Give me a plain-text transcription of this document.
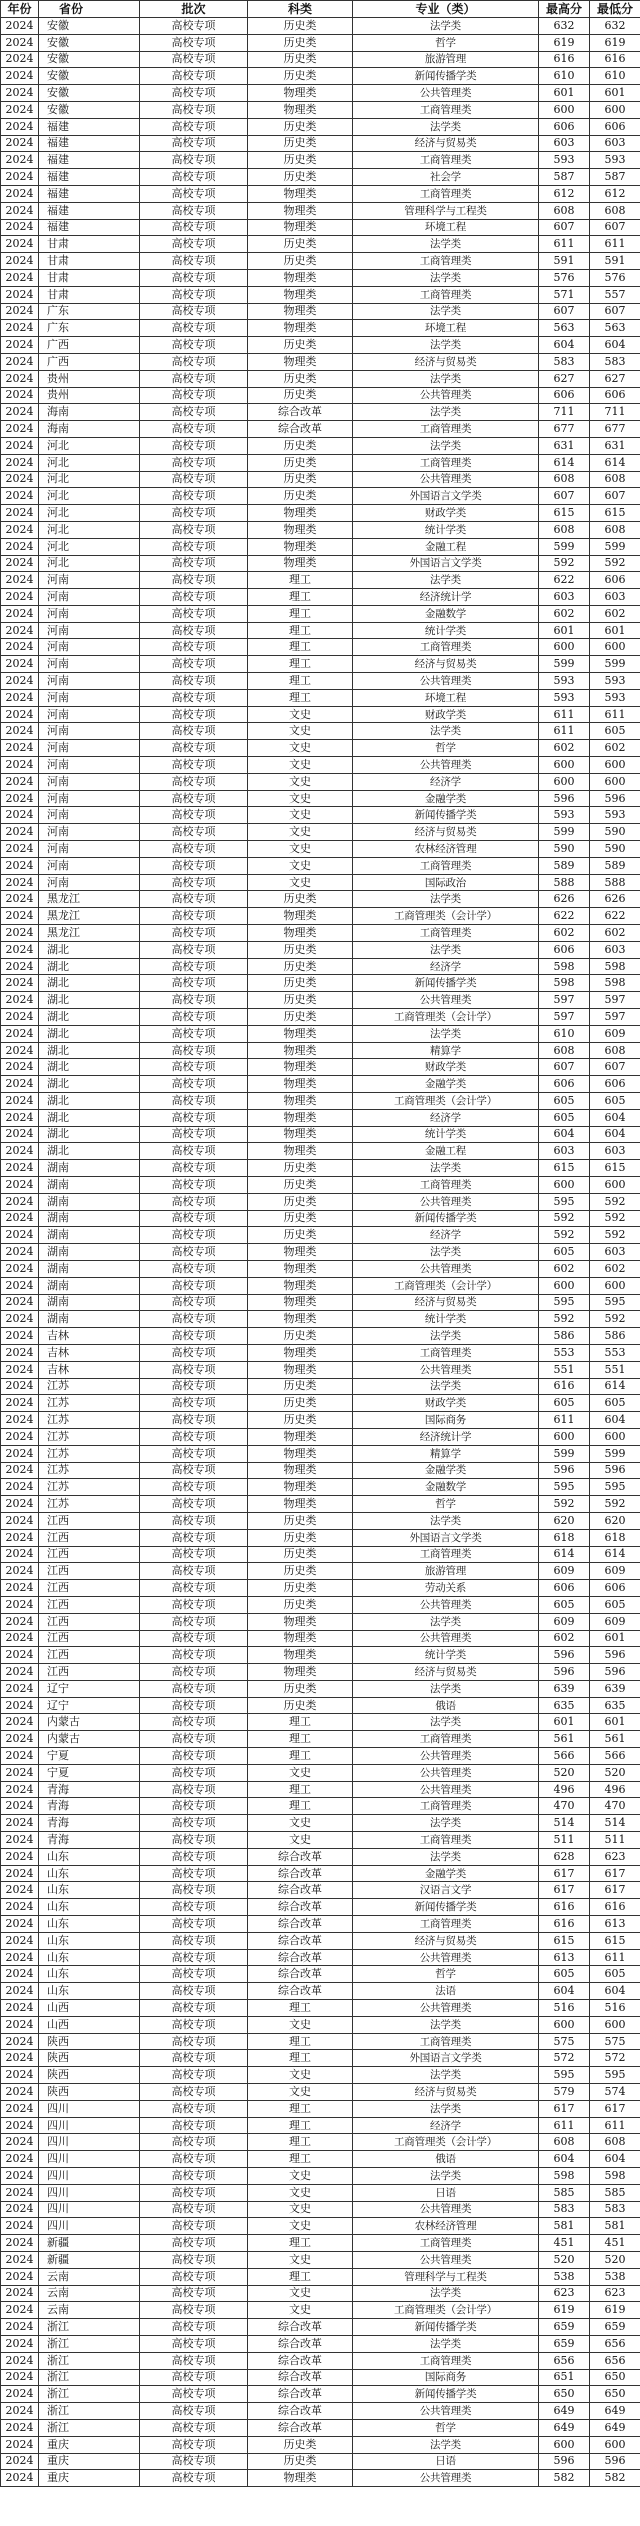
年份	省份	批次	科类	专业（类）	最高分	最低分
2024	安徽	高校专项	历史类	法学类	632	632
2024	安徽	高校专项	历史类	哲学	619	619
2024	安徽	高校专项	历史类	旅游管理	616	616
2024	安徽	高校专项	历史类	新闻传播学类	610	610
2024	安徽	高校专项	物理类	公共管理类	601	601
2024	安徽	高校专项	物理类	工商管理类	600	600
2024	福建	高校专项	历史类	法学类	606	606
2024	福建	高校专项	历史类	经济与贸易类	603	603
2024	福建	高校专项	历史类	工商管理类	593	593
2024	福建	高校专项	历史类	社会学	587	587
2024	福建	高校专项	物理类	工商管理类	612	612
2024	福建	高校专项	物理类	管理科学与工程类	608	608
2024	福建	高校专项	物理类	环境工程	607	607
2024	甘肃	高校专项	历史类	法学类	611	611
2024	甘肃	高校专项	历史类	工商管理类	591	591
2024	甘肃	高校专项	物理类	法学类	576	576
2024	甘肃	高校专项	物理类	工商管理类	571	557
2024	广东	高校专项	物理类	法学类	607	607
2024	广东	高校专项	物理类	环境工程	563	563
2024	广西	高校专项	历史类	法学类	604	604
2024	广西	高校专项	物理类	经济与贸易类	583	583
2024	贵州	高校专项	历史类	法学类	627	627
2024	贵州	高校专项	历史类	公共管理类	606	606
2024	海南	高校专项	综合改革	法学类	711	711
2024	海南	高校专项	综合改革	工商管理类	677	677
2024	河北	高校专项	历史类	法学类	631	631
2024	河北	高校专项	历史类	工商管理类	614	614
2024	河北	高校专项	历史类	公共管理类	608	608
2024	河北	高校专项	历史类	外国语言文学类	607	607
2024	河北	高校专项	物理类	财政学类	615	615
2024	河北	高校专项	物理类	统计学类	608	608
2024	河北	高校专项	物理类	金融工程	599	599
2024	河北	高校专项	物理类	外国语言文学类	592	592
2024	河南	高校专项	理工	法学类	622	606
2024	河南	高校专项	理工	经济统计学	603	603
2024	河南	高校专项	理工	金融数学	602	602
2024	河南	高校专项	理工	统计学类	601	601
2024	河南	高校专项	理工	工商管理类	600	600
2024	河南	高校专项	理工	经济与贸易类	599	599
2024	河南	高校专项	理工	公共管理类	593	593
2024	河南	高校专项	理工	环境工程	593	593
2024	河南	高校专项	文史	财政学类	611	611
2024	河南	高校专项	文史	法学类	611	605
2024	河南	高校专项	文史	哲学	602	602
2024	河南	高校专项	文史	公共管理类	600	600
2024	河南	高校专项	文史	经济学	600	600
2024	河南	高校专项	文史	金融学类	596	596
2024	河南	高校专项	文史	新闻传播学类	593	593
2024	河南	高校专项	文史	经济与贸易类	599	590
2024	河南	高校专项	文史	农林经济管理	590	590
2024	河南	高校专项	文史	工商管理类	589	589
2024	河南	高校专项	文史	国际政治	588	588
2024	黑龙江	高校专项	历史类	法学类	626	626
2024	黑龙江	高校专项	物理类	工商管理类（会计学）	622	622
2024	黑龙江	高校专项	物理类	工商管理类	602	602
2024	湖北	高校专项	历史类	法学类	606	603
2024	湖北	高校专项	历史类	经济学	598	598
2024	湖北	高校专项	历史类	新闻传播学类	598	598
2024	湖北	高校专项	历史类	公共管理类	597	597
2024	湖北	高校专项	历史类	工商管理类（会计学）	597	597
2024	湖北	高校专项	物理类	法学类	610	609
2024	湖北	高校专项	物理类	精算学	608	608
2024	湖北	高校专项	物理类	财政学类	607	607
2024	湖北	高校专项	物理类	金融学类	606	606
2024	湖北	高校专项	物理类	工商管理类（会计学）	605	605
2024	湖北	高校专项	物理类	经济学	605	604
2024	湖北	高校专项	物理类	统计学类	604	604
2024	湖北	高校专项	物理类	金融工程	603	603
2024	湖南	高校专项	历史类	法学类	615	615
2024	湖南	高校专项	历史类	工商管理类	600	600
2024	湖南	高校专项	历史类	公共管理类	595	592
2024	湖南	高校专项	历史类	新闻传播学类	592	592
2024	湖南	高校专项	历史类	经济学	592	592
2024	湖南	高校专项	物理类	法学类	605	603
2024	湖南	高校专项	物理类	公共管理类	602	602
2024	湖南	高校专项	物理类	工商管理类（会计学）	600	600
2024	湖南	高校专项	物理类	经济与贸易类	595	595
2024	湖南	高校专项	物理类	统计学类	592	592
2024	吉林	高校专项	历史类	法学类	586	586
2024	吉林	高校专项	物理类	工商管理类	553	553
2024	吉林	高校专项	物理类	公共管理类	551	551
2024	江苏	高校专项	历史类	法学类	616	614
2024	江苏	高校专项	历史类	财政学类	605	605
2024	江苏	高校专项	历史类	国际商务	611	604
2024	江苏	高校专项	物理类	经济统计学	600	600
2024	江苏	高校专项	物理类	精算学	599	599
2024	江苏	高校专项	物理类	金融学类	596	596
2024	江苏	高校专项	物理类	金融数学	595	595
2024	江苏	高校专项	物理类	哲学	592	592
2024	江西	高校专项	历史类	法学类	620	620
2024	江西	高校专项	历史类	外国语言文学类	618	618
2024	江西	高校专项	历史类	工商管理类	614	614
2024	江西	高校专项	历史类	旅游管理	609	609
2024	江西	高校专项	历史类	劳动关系	606	606
2024	江西	高校专项	历史类	公共管理类	605	605
2024	江西	高校专项	物理类	法学类	609	609
2024	江西	高校专项	物理类	公共管理类	602	601
2024	江西	高校专项	物理类	统计学类	596	596
2024	江西	高校专项	物理类	经济与贸易类	596	596
2024	辽宁	高校专项	历史类	法学类	639	639
2024	辽宁	高校专项	历史类	俄语	635	635
2024	内蒙古	高校专项	理工	法学类	601	601
2024	内蒙古	高校专项	理工	工商管理类	561	561
2024	宁夏	高校专项	理工	公共管理类	566	566
2024	宁夏	高校专项	文史	公共管理类	520	520
2024	青海	高校专项	理工	公共管理类	496	496
2024	青海	高校专项	理工	工商管理类	470	470
2024	青海	高校专项	文史	法学类	514	514
2024	青海	高校专项	文史	工商管理类	511	511
2024	山东	高校专项	综合改革	法学类	628	623
2024	山东	高校专项	综合改革	金融学类	617	617
2024	山东	高校专项	综合改革	汉语言文学	617	617
2024	山东	高校专项	综合改革	新闻传播学类	616	616
2024	山东	高校专项	综合改革	工商管理类	616	613
2024	山东	高校专项	综合改革	经济与贸易类	615	615
2024	山东	高校专项	综合改革	公共管理类	613	611
2024	山东	高校专项	综合改革	哲学	605	605
2024	山东	高校专项	综合改革	法语	604	604
2024	山西	高校专项	理工	公共管理类	516	516
2024	山西	高校专项	文史	法学类	600	600
2024	陕西	高校专项	理工	工商管理类	575	575
2024	陕西	高校专项	理工	外国语言文学类	572	572
2024	陕西	高校专项	文史	法学类	595	595
2024	陕西	高校专项	文史	经济与贸易类	579	574
2024	四川	高校专项	理工	法学类	617	617
2024	四川	高校专项	理工	经济学	611	611
2024	四川	高校专项	理工	工商管理类（会计学）	608	608
2024	四川	高校专项	理工	俄语	604	604
2024	四川	高校专项	文史	法学类	598	598
2024	四川	高校专项	文史	日语	585	585
2024	四川	高校专项	文史	公共管理类	583	583
2024	四川	高校专项	文史	农林经济管理	581	581
2024	新疆	高校专项	理工	工商管理类	451	451
2024	新疆	高校专项	文史	公共管理类	520	520
2024	云南	高校专项	理工	管理科学与工程类	538	538
2024	云南	高校专项	文史	法学类	623	623
2024	云南	高校专项	文史	工商管理类（会计学）	619	619
2024	浙江	高校专项	综合改革	新闻传播学类	659	659
2024	浙江	高校专项	综合改革	法学类	659	656
2024	浙江	高校专项	综合改革	工商管理类	656	656
2024	浙江	高校专项	综合改革	国际商务	651	650
2024	浙江	高校专项	综合改革	新闻传播学类	650	650
2024	浙江	高校专项	综合改革	公共管理类	649	649
2024	浙江	高校专项	综合改革	哲学	649	649
2024	重庆	高校专项	历史类	法学类	600	600
2024	重庆	高校专项	历史类	日语	596	596
2024	重庆	高校专项	物理类	公共管理类	582	582
